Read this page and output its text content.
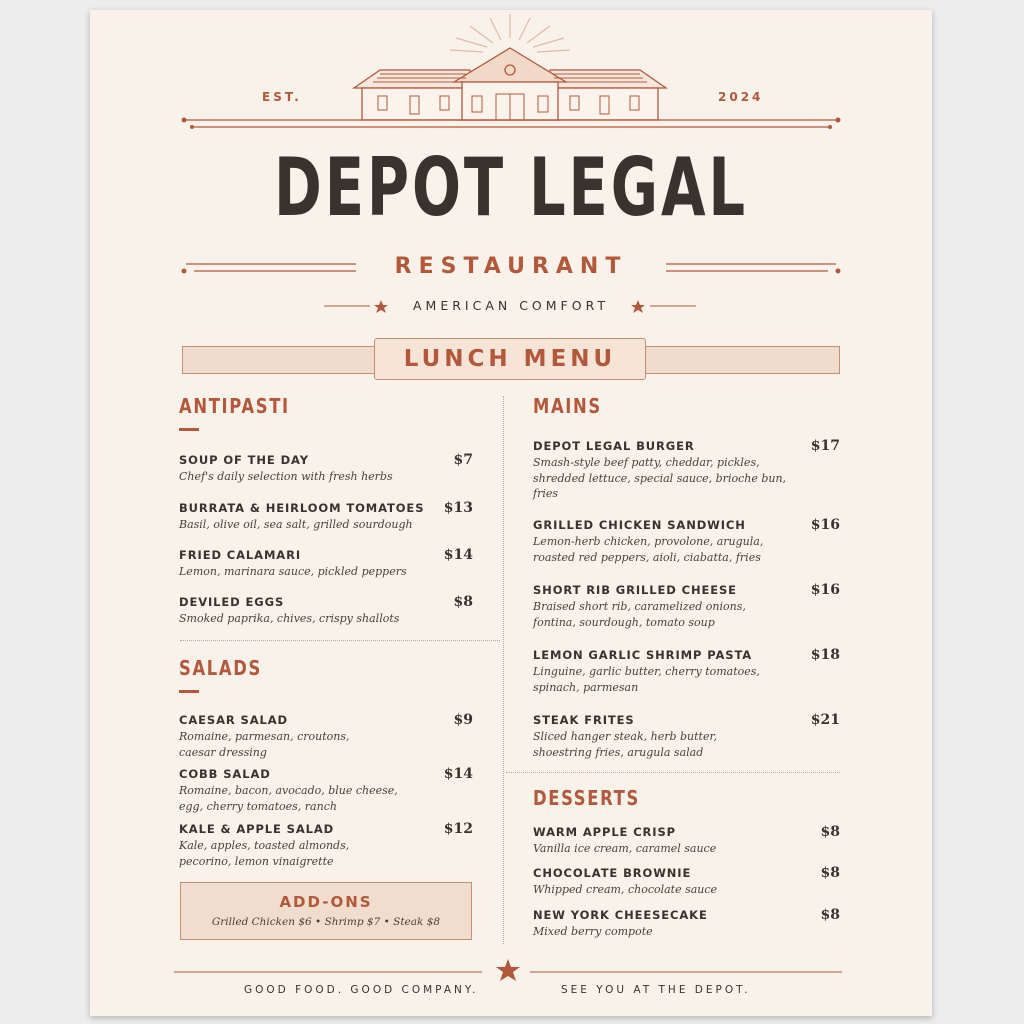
EST.	2024
DEPOT LEGAL
RESTAURANT
AMERICAN COMFORT
LUNCH MENU
ANTIPASTI
SOUP OF THE DAY
Chef's daily selection with fresh herbs
$7
BURRATA & HEIRLOOM TOMATOES
Basil, olive oil, sea salt, grilled sourdough
$13
FRIED CALAMARI
Lemon, marinara sauce, pickled peppers
$14
DEVILED EGGS
Smoked paprika, chives, crispy shallots
$8
SALADS
CAESAR SALAD
Romaine, parmesan, croutons,
caesar dressing
$9
COBB SALAD
Romaine, bacon, avocado, blue cheese,
egg, cherry tomatoes, ranch
$14
KALE & APPLE SALAD
Kale, apples, toasted almonds,
pecorino, lemon vinaigrette
$12
ADD-ONS
Grilled Chicken $6 • Shrimp $7 • Steak $8
MAINS
DEPOT LEGAL BURGER
Smash-style beef patty, cheddar, pickles,
shredded lettuce, special sauce, brioche bun,
fries
$17
GRILLED CHICKEN SANDWICH
Lemon-herb chicken, provolone, arugula,
roasted red peppers, aioli, ciabatta, fries
$16
SHORT RIB GRILLED CHEESE
Braised short rib, caramelized onions,
fontina, sourdough, tomato soup
$16
LEMON GARLIC SHRIMP PASTA
Linguine, garlic butter, cherry tomatoes,
spinach, parmesan
$18
STEAK FRITES
Sliced hanger steak, herb butter,
shoestring fries, arugula salad
$21
DESSERTS
WARM APPLE CRISP
Vanilla ice cream, caramel sauce
$8
CHOCOLATE BROWNIE
Whipped cream, chocolate sauce
$8
NEW YORK CHEESECAKE
Mixed berry compote
$8
GOOD FOOD. GOOD COMPANY.	SEE YOU AT THE DEPOT.
